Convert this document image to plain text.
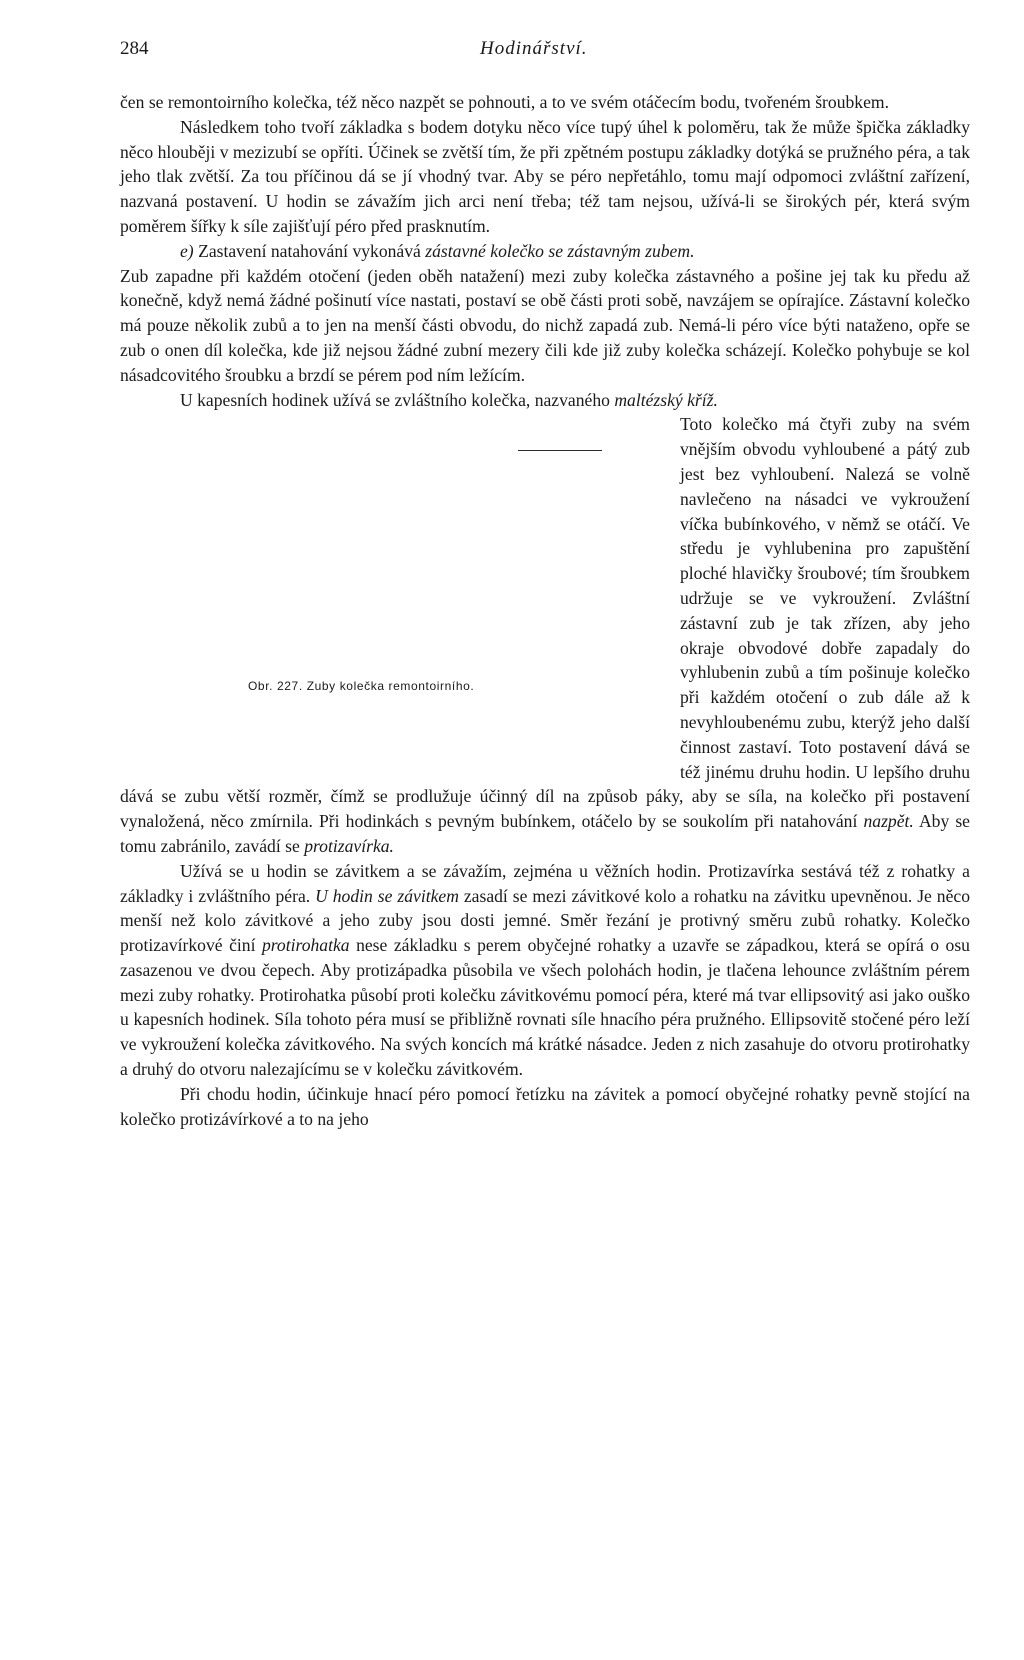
284	Hodinářství.

čen se remontoirního kolečka, též něco nazpět se pohnouti, a to ve svém otáčecím bodu, tvořeném šroubkem.

Následkem toho tvoří základka s bodem dotyku něco více tupý úhel k poloměru, tak že může špička základky něco hlouběji v mezizubí se opříti. Účinek se zvětší tím, že při zpětném postupu základky dotýká se pružného péra, a tak jeho tlak zvětší. Za tou příčinou dá se jí vhodný tvar. Aby se péro nepřetáhlo, tomu mají odpomoci zvláštní zařízení, nazvaná postavení. U hodin se závažím jich arci není třeba; též tam nejsou, užívá-li se širokých pér, která svým poměrem šířky k síle zajišťují péro před prasknutím.

e) Zastavení natahování vykonává zástavné kolečko se zástavným zubem.

Zub zapadne při každém otočení (jeden oběh natažení) mezi zuby kolečka zástavného a pošine jej tak ku předu až konečně, když nemá žádné pošinutí více nastati, postaví se obě části proti sobě, navzájem se opírajíce. Zástavní kolečko má pouze několik zubů a to jen na menší části obvodu, do nichž zapadá zub. Nemá-li péro více býti nataženo, opře se zub o onen díl kolečka, kde již nejsou žádné zubní mezery čili kde již zuby kolečka scházejí. Kolečko pohybuje se kol násadcovitého šroubku a brzdí se pérem pod ním ležícím.

U kapesních hodinek užívá se zvláštního kolečka, nazvaného maltézský kříž.

Obr. 227. Zuby kolečka remontoirního.

Toto kolečko má čtyři zuby na svém vnějším obvodu vyhloubené a pátý zub jest bez vyhloubení. Nalezá se volně navlečeno na násadci ve vykroužení víčka bubínkového, v němž se otáčí. Ve středu je vyhlubenina pro zapuštění ploché hlavičky šroubové; tím šroubkem udržuje se ve vykroužení. Zvláštní zástavní zub je tak zřízen, aby jeho okraje obvodové dobře zapadaly do vyhlubenin zubů a tím pošinuje kolečko při každém otočení o zub dále až k nevyhloubenému zubu, kterýž jeho další činnost zastaví. Toto postavení dává se též jinému druhu hodin. U lepšího druhu dává se zubu větší rozměr, čímž se prodlužuje účinný díl na způsob páky, aby se síla, na kolečko při postavení vynaložená, něco zmírnila. Při hodinkách s pevným bubínkem, otáčelo by se soukolím při natahování nazpět. Aby se tomu zabránilo, zavádí se protizavírka.

Užívá se u hodin se závitkem a se závažím, zejména u věžních hodin. Protizavírka sestává též z rohatky a základky i zvláštního péra. U hodin se závitkem zasadí se mezi závitkové kolo a rohatku na závitku upevněnou. Je něco menší než kolo závitkové a jeho zuby jsou dosti jemné. Směr řezání je protivný směru zubů rohatky. Kolečko protizavírkové činí protirohatka nese základku s perem obyčejné rohatky a uzavře se západkou, která se opírá o osu zasazenou ve dvou čepech. Aby protizápadka působila ve všech polohách hodin, je tlačena lehounce zvláštním pérem mezi zuby rohatky. Protirohatka působí proti kolečku závitkovému pomocí péra, které má tvar ellipsovitý asi jako ouško u kapesních hodinek. Síla tohoto péra musí se přibližně rovnati síle hnacího péra pružného. Ellipsovitě stočené péro leží ve vykroužení kolečka závitkového. Na svých koncích má krátké násadce. Jeden z nich zasahuje do otvoru protirohatky a druhý do otvoru nalezajícímu se v kolečku závitkovém.

Při chodu hodin, účinkuje hnací péro pomocí řetízku na závitek a pomocí obyčejné rohatky pevně stojící na kolečko protizávírkové a to na jeho
